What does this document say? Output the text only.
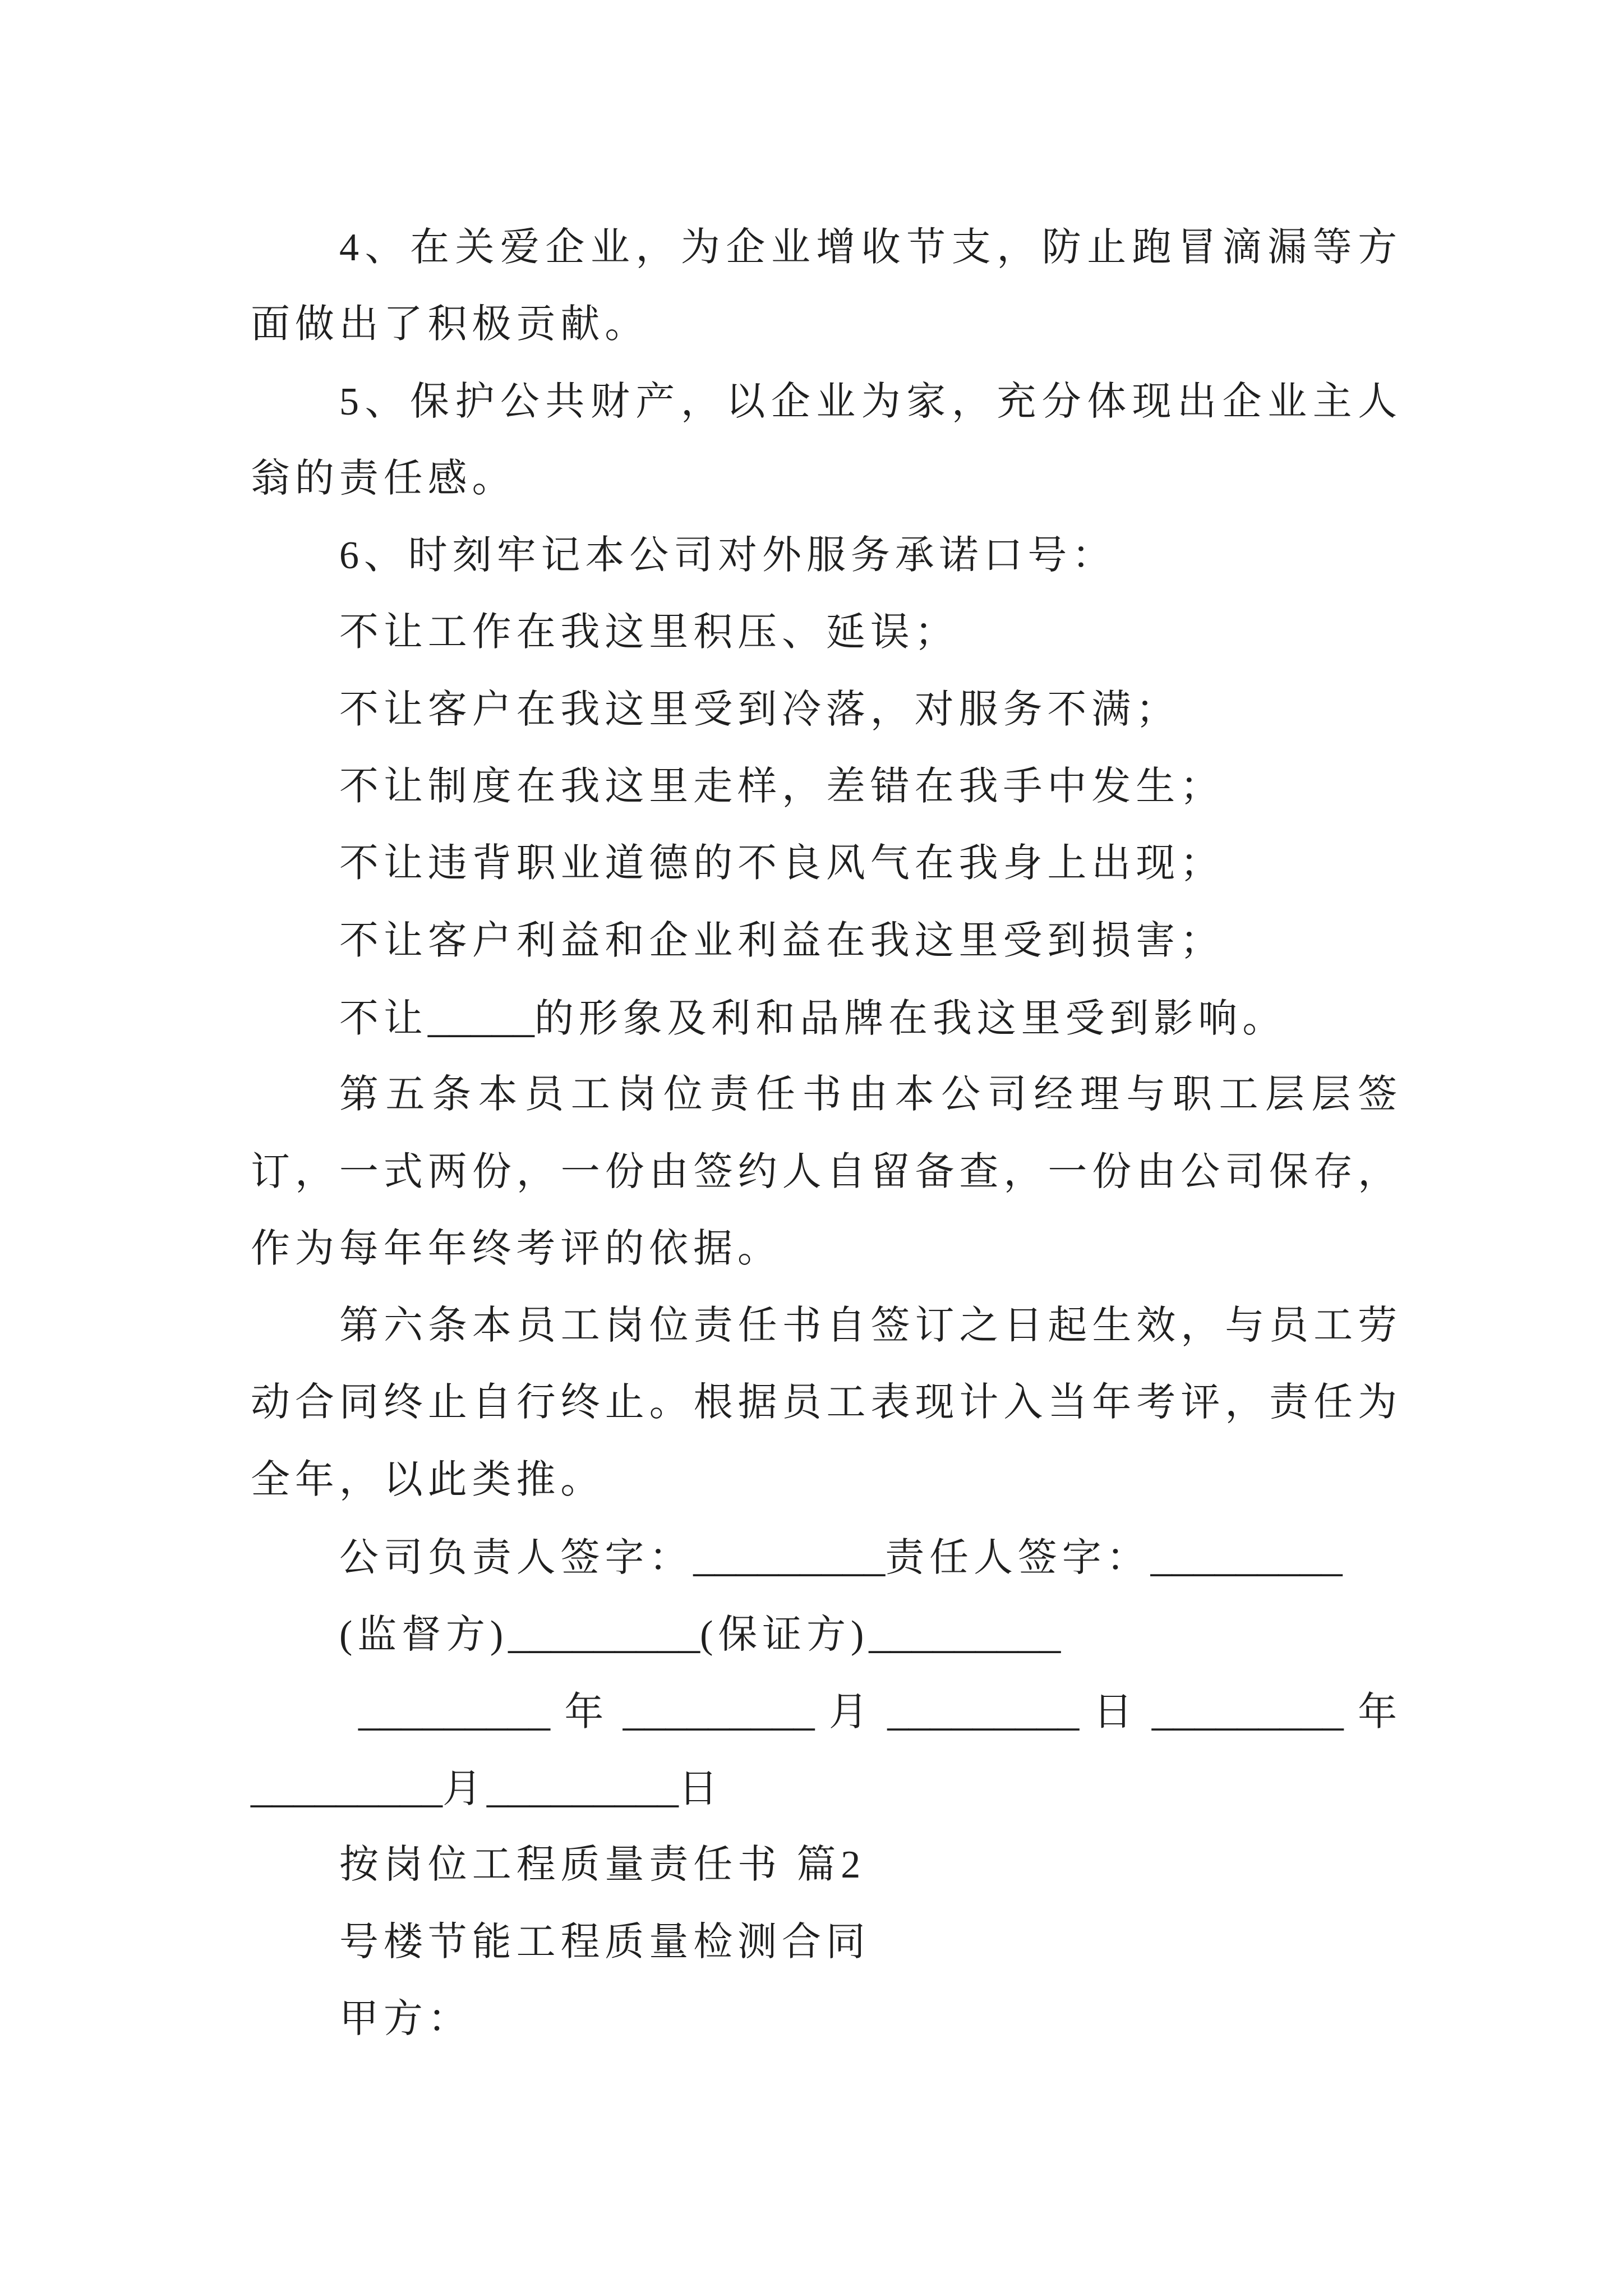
4、在关爱企业，为企业增收节支，防止跑冒滴漏等方
面做出了积极贡献。
5、保护公共财产，以企业为家，充分体现出企业主人
翁的责任感。
6、时刻牢记本公司对外服务承诺口号：
不让工作在我这里积压、延误；
不让客户在我这里受到冷落，对服务不满；
不让制度在我这里走样，差错在我手中发生；
不让违背职业道德的不良风气在我身上出现；
不让客户利益和企业利益在我这里受到损害；
不让_____的形象及利和品牌在我这里受到影响。
第五条本员工岗位责任书由本公司经理与职工层层签
订，一式两份，一份由签约人自留备查，一份由公司保存，
作为每年年终考评的依据。
第六条本员工岗位责任书自签订之日起生效，与员工劳
动合同终止自行终止。根据员工表现计入当年考评，责任为
全年，以此类推。
公司负责人签字：_________责任人签字：_________
(监督方)_________(保证方)_________
_________年_________月_________日_________年
_________月_________日
按岗位工程质量责任书 篇2
号楼节能工程质量检测合同
甲方：
